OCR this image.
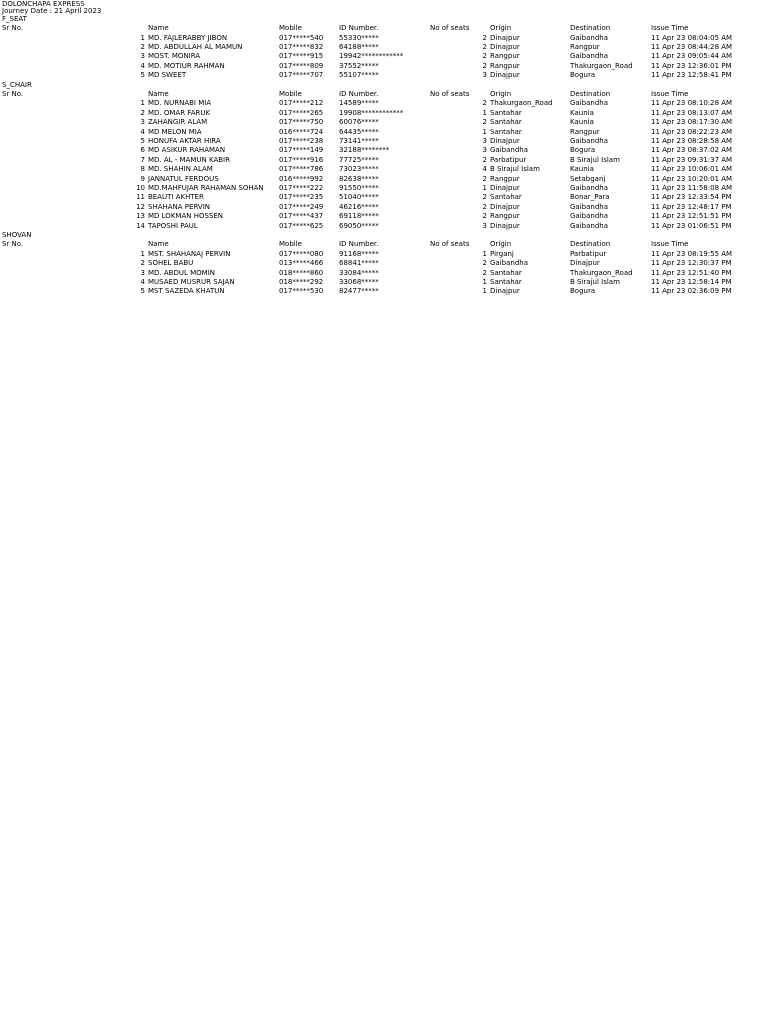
DOLONCHAPA EXPRESS
Journey Date : 21 April 2023
F_SEAT
Sr No.	Name	Mobile	ID Number.	No of seats	Origin	Destination	Issue Time
1 MD. FAJLERABBY JIBON	017*****540 55330*****	2 Dinajpur	Gaibandha	11 Apr 23 08:04:05 AM
2 MD. ABDULLAH AL MAMUN	017*****832 64188*****	2 Dinajpur	Rangpur	11 Apr 23 08:44:28 AM
3 MOST. MONIRA	017*****915 19942************	2 Rangpur	Gaibandha	11 Apr 23 09:05:44 AM
4 MD. MOTIUR RAHMAN	017*****809 37552*****	2 Rangpur	Thakurgaon_Road	11 Apr 23 12:36:01 PM
5 MD SWEET	017*****707 55107*****	3 Dinajpur	Bogura	11 Apr 23 12:58:41 PM
S_CHAIR
Sr No.	Name	Mobile	ID Number.	No of seats	Origin	Destination	Issue Time
1 MD. NURNABI MIA	017*****212 14589*****	2 Thakurgaon_Road Gaibandha	11 Apr 23 08:10:28 AM
2 MD. OMAR FARUK	017*****265 19908************	1 Santahar	Kaunia	11 Apr 23 08:13:07 AM
3 ZAHANGIR ALAM	017*****750 60076*****	2 Santahar	Kaunia	11 Apr 23 08:17:30 AM
4 MD MELON MIA	016*****724 64435*****	1 Santahar	Rangpur	11 Apr 23 08:22:23 AM
5 HONUFA AKTAR HIRA	017*****238 73141*****	3 Dinajpur	Gaibandha	11 Apr 23 08:28:58 AM
6 MD ASIKUR RAHAMAN	017*****149 32188********	3 Gaibandha	Bogura	11 Apr 23 08:37:02 AM
7 MD. AL - MAMUN KABIR	017*****916 77725*****	2 Parbatipur	B Sirajul Islam	11 Apr 23 09:31:37 AM
8 MD. SHAHIN ALAM	017*****786 73023*****	4 B Sirajul Islam	Kaunia	11 Apr 23 10:06:01 AM
9 JANNATUL FERDOUS	016*****992 82638*****	2 Rangpur	Setabganj	11 Apr 23 10:20:01 AM
10 MD.MAHFUJAR RAHAMAN SOHAN 017*****222 91550*****	1 Dinajpur	Gaibandha	11 Apr 23 11:58:08 AM
11 BEAUTI AKHTER	017*****235 51040*****	2 Santahar	Bonar_Para	11 Apr 23 12:33:54 PM
12 SHAHANA PERVIN	017*****249 46216*****	2 Dinajpur	Gaibandha	11 Apr 23 12:48:17 PM
13 MD LOKMAN HOSSEN	017*****437 69118*****	2 Rangpur	Gaibandha	11 Apr 23 12:51:51 PM
14 TAPOSHI PAUL	017*****625 69050*****	3 Dinajpur	Gaibandha	11 Apr 23 01:06:51 PM
SHOVAN
Sr No.	Name	Mobile	ID Number.	No of seats	Origin	Destination	Issue Time
1 MST. SHAHANAJ PERVIN	017*****080 91168*****	1 Pirganj	Parbatipur	11 Apr 23 08:19:55 AM
2 SOHEL BABU	013*****466 68841*****	2 Gaibandha	Dinajpur	11 Apr 23 12:30:37 PM
3 MD. ABDUL MOMIN	018*****860 33084*****	2 Santahar	Thakurgaon_Road	11 Apr 23 12:51:40 PM
4 MUSAED MUSRUR SAJAN	018*****292 33068*****	1 Santahar	B Sirajul Islam	11 Apr 23 12:58:14 PM
5 MST SAZEDA KHATUN	017*****530 82477*****	1 Dinajpur	Bogura	11 Apr 23 02:36:09 PM
